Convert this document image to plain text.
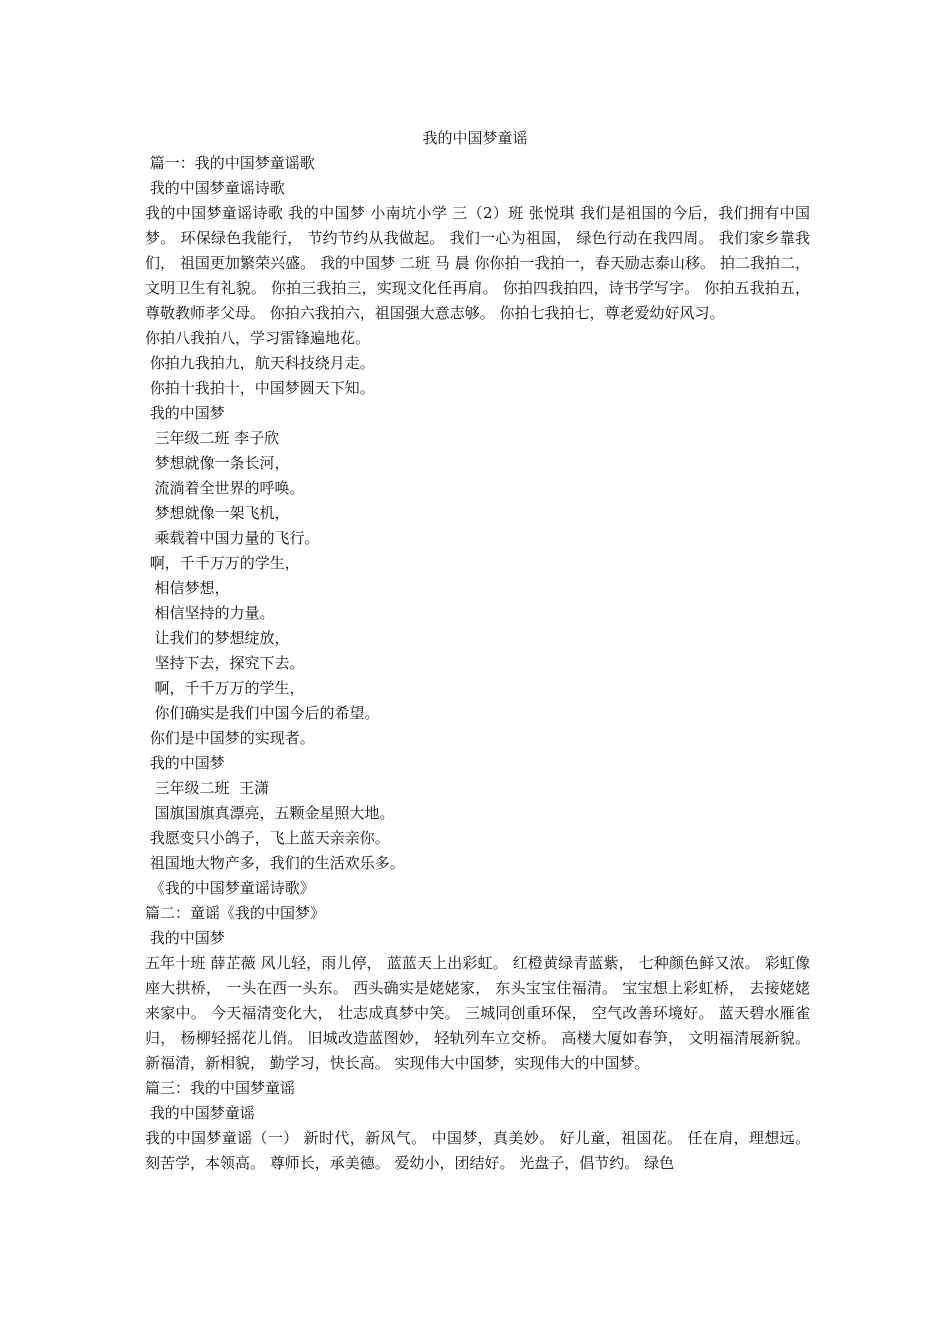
我的中国梦童谣
篇一：我的中国梦童谣歌
我的中国梦童谣诗歌
我的中国梦童谣诗歌 我的中国梦 小南坑小学 三（2）班 张悦琪 我们是祖国的今后，我们拥有中国梦。 环保绿色我能行， 节约节约从我做起。 我们一心为祖国， 绿色行动在我四周。 我们家乡靠我们， 祖国更加繁荣兴盛。 我的中国梦 二班 马 晨 你你拍一我拍一，春天励志泰山移。 拍二我拍二，文明卫生有礼貌。 你拍三我拍三，实现文化任再肩。 你拍四我拍四，诗书学写字。 你拍五我拍五，尊敬教师孝父母。 你拍六我拍六，祖国强大意志够。 你拍七我拍七，尊老爱幼好风习。
你拍八我拍八，学习雷锋遍地花。
你拍九我拍九，航天科技绕月走。
你拍十我拍十，中国梦圆天下知。
我的中国梦
三年级二班 李子欣
梦想就像一条长河，
流淌着全世界的呼唤。
梦想就像一架飞机，
乘载着中国力量的飞行。
啊，千千万万的学生，
相信梦想，
相信坚持的力量。
让我们的梦想绽放，
坚持下去，探究下去。
啊，千千万万的学生，
你们确实是我们中国今后的希望。
你们是中国梦的实现者。
我的中国梦
三年级二班  王潇
国旗国旗真漂亮，五颗金星照大地。
我愿变只小鸽子，飞上蓝天亲亲你。
祖国地大物产多，我们的生活欢乐多。
《我的中国梦童谣诗歌》
篇二：童谣《我的中国梦》
我的中国梦
五年十班 薛芷薇 风儿轻，雨儿停， 蓝蓝天上出彩虹。 红橙黄绿青蓝紫， 七种颜色鲜又浓。 彩虹像座大拱桥， 一头在西一头东。 西头确实是姥姥家， 东头宝宝住福清。 宝宝想上彩虹桥， 去接姥姥来家中。 今天福清变化大， 壮志成真梦中笑。 三城同创重环保， 空气改善环境好。 蓝天碧水雁雀归， 杨柳轻摇花儿俏。 旧城改造蓝图妙， 轻轨列车立交桥。 高楼大厦如春笋， 文明福清展新貌。 新福清，新相貌， 勤学习，快长高。 实现伟大中国梦，实现伟大的中国梦。
篇三：我的中国梦童谣
我的中国梦童谣
我的中国梦童谣（一） 新时代，新风气。 中国梦，真美妙。 好儿童，祖国花。 任在肩，理想远。 刻苦学，本领高。 尊师长，承美德。 爱幼小，团结好。 光盘子，倡节约。 绿色
